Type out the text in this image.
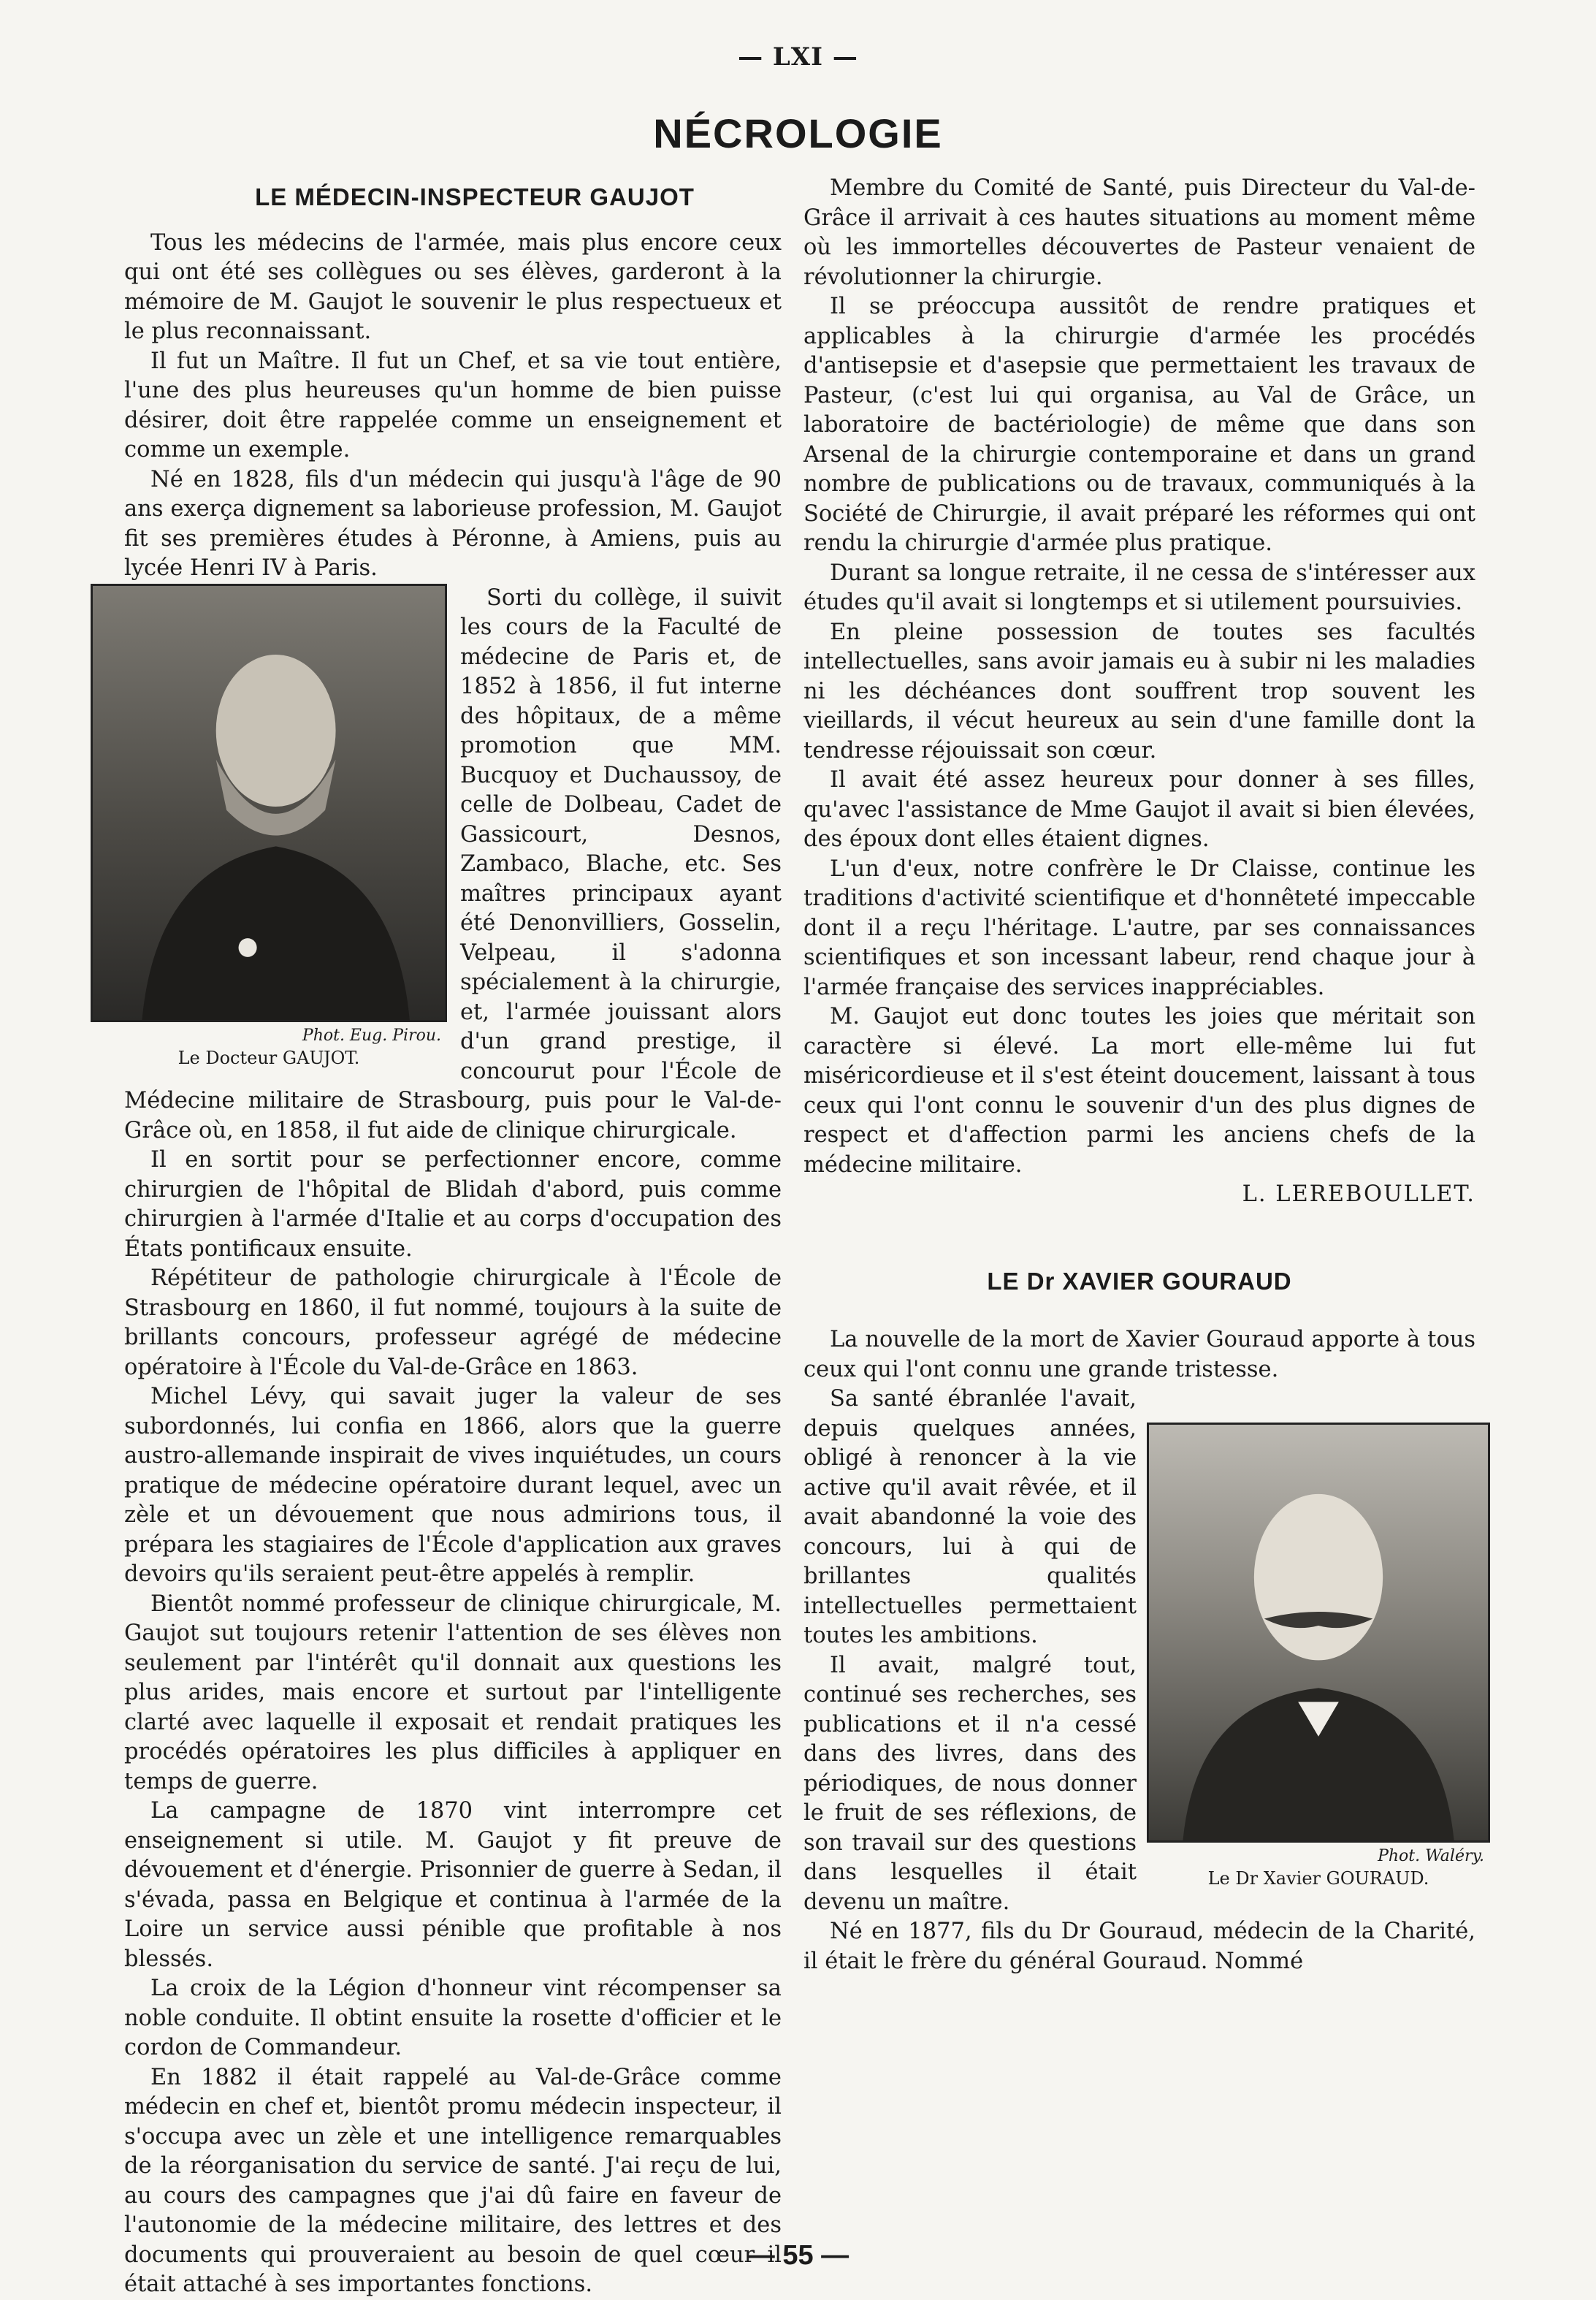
— LXI —
NÉCROLOGIE
LE MÉDECIN-INSPECTEUR GAUJOT

Tous les médecins de l'armée, mais plus encore ceux qui ont été ses collègues ou ses élèves, garderont à la mémoire de M. Gaujot le souvenir le plus respectueux et le plus reconnaissant.

Il fut un Maître. Il fut un Chef, et sa vie tout entière, l'une des plus heureuses qu'un homme de bien puisse désirer, doit être rappelée comme un enseignement et comme un exemple.

Né en 1828, fils d'un médecin qui jusqu'à l'âge de 90 ans exerça dignement sa laborieuse profession, M. Gaujot fit ses premières études à Péronne, à Amiens, puis au lycée Henri IV à Paris.

Phot. Eug. Pirou.
Le Docteur GAUJOT.

Sorti du collège, il suivit les cours de la Faculté de médecine de Paris et, de 1852 à 1856, il fut interne des hôpitaux, de a même promotion que MM. Bucquoy et Duchaussoy, de celle de Dolbeau, Cadet de Gassicourt, Desnos, Zambaco, Blache, etc. Ses maîtres principaux ayant été Denonvilliers, Gosselin, Velpeau, il s'adonna spécialement à la chirurgie, et, l'armée jouissant alors d'un grand prestige, il concourut pour l'École de Médecine militaire de Strasbourg, puis pour le Val-de-Grâce où, en 1858, il fut aide de clinique chirurgicale.

Il en sortit pour se perfectionner encore, comme chirurgien de l'hôpital de Blidah d'abord, puis comme chirurgien à l'armée d'Italie et au corps d'occupation des États pontificaux ensuite.

Répétiteur de pathologie chirurgicale à l'École de Strasbourg en 1860, il fut nommé, toujours à la suite de brillants concours, professeur agrégé de médecine opératoire à l'École du Val-de-Grâce en 1863.

Michel Lévy, qui savait juger la valeur de ses subordonnés, lui confia en 1866, alors que la guerre austro-allemande inspirait de vives inquiétudes, un cours pratique de médecine opératoire durant lequel, avec un zèle et un dévouement que nous admirions tous, il prépara les stagiaires de l'École d'application aux graves devoirs qu'ils seraient peut-être appelés à remplir.

Bientôt nommé professeur de clinique chirurgicale, M. Gaujot sut toujours retenir l'attention de ses élèves non seulement par l'intérêt qu'il donnait aux questions les plus arides, mais encore et surtout par l'intelligente clarté avec laquelle il exposait et rendait pratiques les procédés opératoires les plus difficiles à appliquer en temps de guerre.

La campagne de 1870 vint interrompre cet enseignement si utile. M. Gaujot y fit preuve de dévouement et d'énergie. Prisonnier de guerre à Sedan, il s'évada, passa en Belgique et continua à l'armée de la Loire un service aussi pénible que profitable à nos blessés.

La croix de la Légion d'honneur vint récompenser sa noble conduite. Il obtint ensuite la rosette d'officier et le cordon de Commandeur.

En 1882 il était rappelé au Val-de-Grâce comme médecin en chef et, bientôt promu médecin inspecteur, il s'occupa avec un zèle et une intelligence remarquables de la réorganisation du service de santé. J'ai reçu de lui, au cours des campagnes que j'ai dû faire en faveur de l'autonomie de la médecine militaire, des lettres et des documents qui prouveraient au besoin de quel cœur il était attaché à ses importantes fonctions.

Membre du Comité de Santé, puis Directeur du Val-de-Grâce il arrivait à ces hautes situations au moment même où les immortelles découvertes de Pasteur venaient de révolutionner la chirurgie.

Il se préoccupa aussitôt de rendre pratiques et applicables à la chirurgie d'armée les procédés d'antisepsie et d'asepsie que permettaient les travaux de Pasteur, (c'est lui qui organisa, au Val de Grâce, un laboratoire de bactériologie) de même que dans son Arsenal de la chirurgie contemporaine et dans un grand nombre de publications ou de travaux, communiqués à la Société de Chirurgie, il avait préparé les réformes qui ont rendu la chirurgie d'armée plus pratique.

Durant sa longue retraite, il ne cessa de s'intéresser aux études qu'il avait si longtemps et si utilement poursuivies.

En pleine possession de toutes ses facultés intellectuelles, sans avoir jamais eu à subir ni les maladies ni les déchéances dont souffrent trop souvent les vieillards, il vécut heureux au sein d'une famille dont la tendresse réjouissait son cœur.

Il avait été assez heureux pour donner à ses filles, qu'avec l'assistance de Mme Gaujot il avait si bien élevées, des époux dont elles étaient dignes.

L'un d'eux, notre confrère le Dr Claisse, continue les traditions d'activité scientifique et d'honnêteté impeccable dont il a reçu l'héritage. L'autre, par ses connaissances scientifiques et son incessant labeur, rend chaque jour à l'armée française des services inappréciables.

M. Gaujot eut donc toutes les joies que méritait son caractère si élevé. La mort elle-même lui fut miséricordieuse et il s'est éteint doucement, laissant à tous ceux qui l'ont connu le souvenir d'un des plus dignes de respect et d'affection parmi les anciens chefs de la médecine militaire.

L. LEREBOULLET.

LE Dr XAVIER GOURAUD

La nouvelle de la mort de Xavier Gouraud apporte à tous ceux qui l'ont connu une grande tristesse.

Phot. Waléry.
Le Dr Xavier GOURAUD.

Sa santé ébranlée l'avait, depuis quelques années, obligé à renoncer à la vie active qu'il avait rêvée, et il avait abandonné la voie des concours, lui à qui de brillantes qualités intellectuelles permettaient toutes les ambitions.

Il avait, malgré tout, continué ses recherches, ses publications et il n'a cessé dans des livres, dans des périodiques, de nous donner le fruit de ses réflexions, de son travail sur des questions dans lesquelles il était devenu un maître.

Né en 1877, fils du Dr Gouraud, médecin de la Charité, il était le frère du général Gouraud. Nommé

— 55 —
